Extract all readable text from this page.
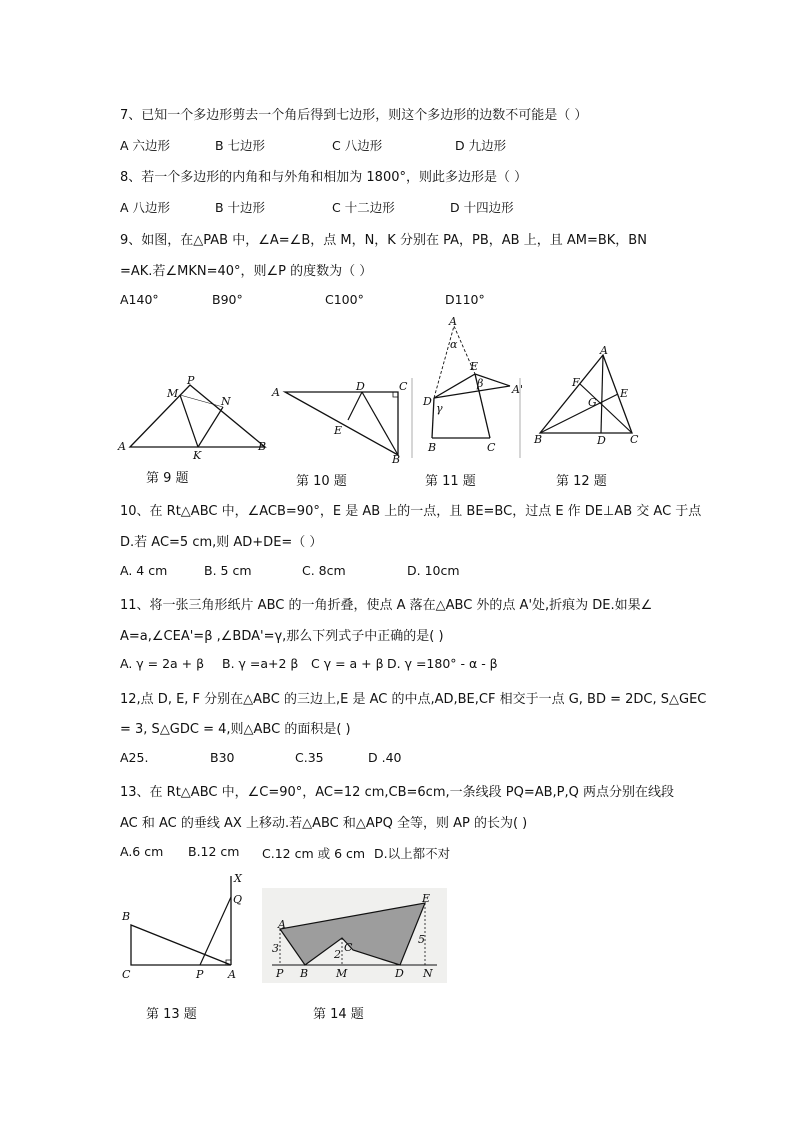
7、已知一个多边形剪去一个角后得到七边形，则这个多边形的边数不可能是（ ）
A 六边形	B 七边形	C 八边形	D 九边形
8、若一个多边形的内角和与外角和相加为 1800°，则此多边形是（ ）
A 八边形	B 十边形	C 十二边形	D 十四边形
9、如图，在△PAB 中，∠A=∠B，点 M，N，K 分别在 PA，PB，AB 上，且 AM=BK，BN
=AK.若∠MKN=40°，则∠P 的度数为（ ）
A140°	B90°	C100°	D110°
P
M
N
A
K
B
第 9 题
A	D	C
E
B
第 10 题
A
α
E
β	A'
D
γ
B	C
第 11 题
A
F
G
E
B	D C
第 12 题
10、在 Rt△ABC 中，∠ACB=90°，E 是 AB 上的一点，且 BE=BC，过点 E 作 DE⊥AB 交 AC 于点
D.若 AC=5 cm,则 AD+DE=（ ）
A. 4 cm	B. 5 cm	C. 8cm	D. 10cm
11、将一张三角形纸片 ABC 的一角折叠，使点 A 落在△ABC 外的点 A'处,折痕为 DE.如果∠
A=a,∠CEA'=β ,∠BDA'=γ,那么下列式子中正确的是( )
A. γ = 2a + β B. γ =a+2 β C γ = a + β D. γ =180° - α - β
12,点 D, E, F 分别在△ABC 的三边上,E 是 AC 的中点,AD,BE,CF 相交于一点 G, BD = 2DC, S△GEC
= 3, S△GDC = 4,则△ABC 的面积是( )
A25.	B30	C.35	D .40
13、在 Rt△ABC 中，∠C=90°，AC=12 cm,CB=6cm,一条线段 PQ=AB,P,Q 两点分别在线段
AC 和 AC 的垂线 AX 上移动.若△ABC 和△APQ 全等，则 AP 的长为( )
A.6 cm B.12 cm C.12 cm 或 6 cm D.以上都不对
X
Q
B
C	P A
第 13 题
A
E
C
3	2
5
P B	M	D N
第 14 题
